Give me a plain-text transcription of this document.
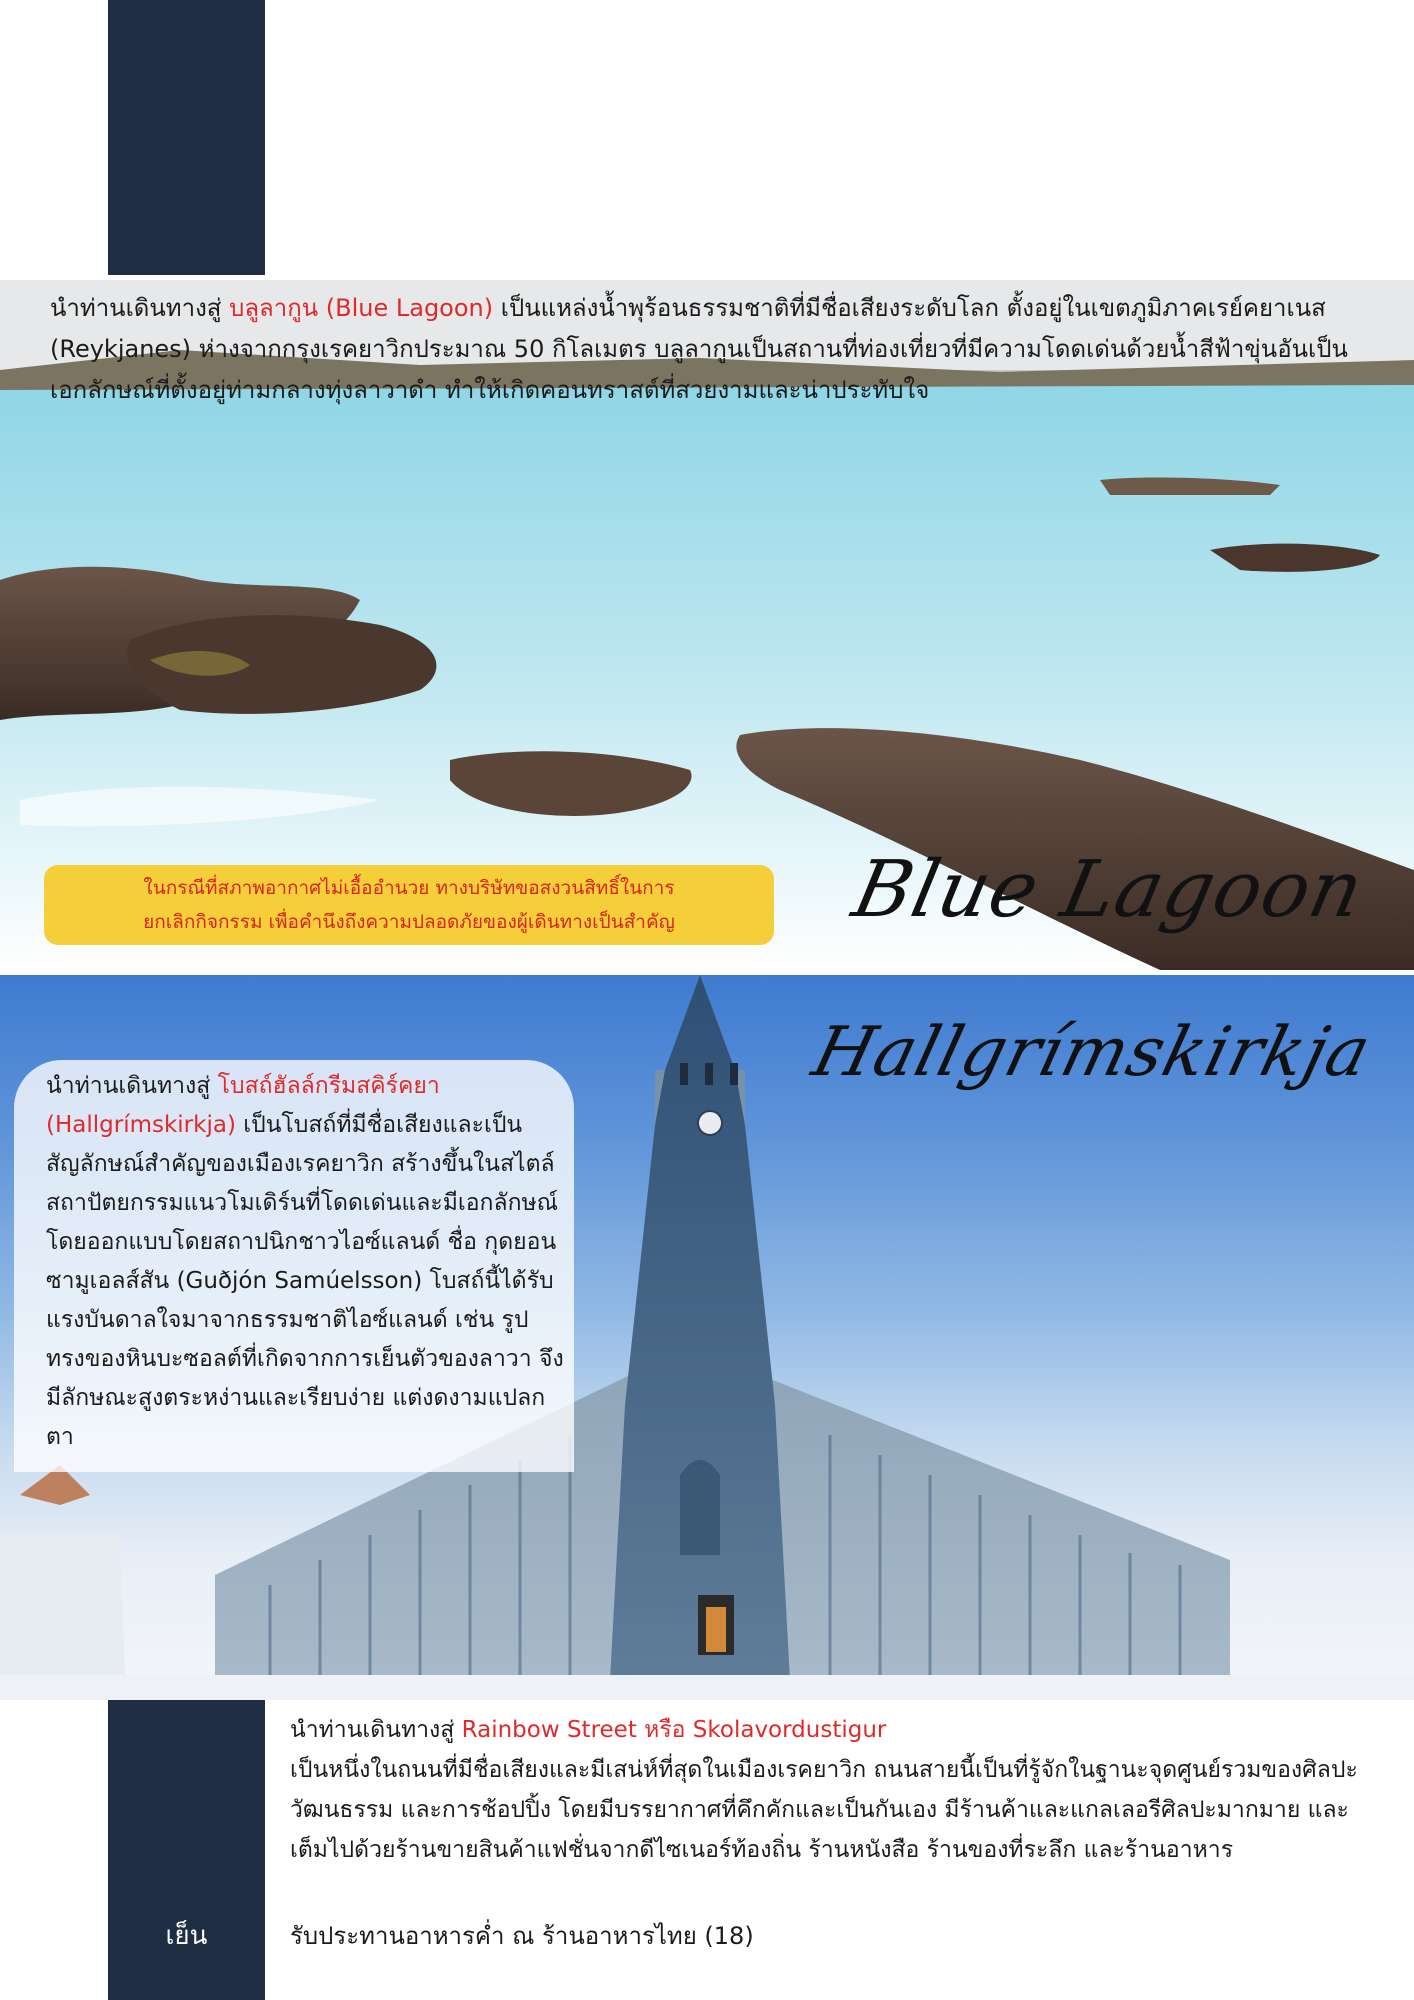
นำท่านเดินทางสู่ บลูลากูน (Blue Lagoon) เป็นแหล่งน้ำพุร้อนธรรมชาติที่มีชื่อเสียงระดับโลก ตั้งอยู่ในเขตภูมิภาคเรย์คยาเนส (Reykjanes) ห่างจากกรุงเรคยาวิกประมาณ 50 กิโลเมตร บลูลากูนเป็นสถานที่ท่องเที่ยวที่มีความโดดเด่นด้วยน้ำสีฟ้าขุ่นอันเป็นเอกลักษณ์ที่ตั้งอยู่ท่ามกลางทุ่งลาวาดำ ทำให้เกิดคอนทราสต์ที่สวยงามและน่าประทับใจ

ในกรณีที่สภาพอากาศไม่เอื้ออำนวย ทางบริษัทขอสงวนสิทธิ์ในการ
ยกเลิกกิจกรรม เพื่อคำนึงถึงความปลอดภัยของผู้เดินทางเป็นสำคัญ	Blue Lagoon
Hallgrímskirkja

นำท่านเดินทางสู่ โบสถ์ฮัลล์กรีมสคิร์คยา (Hallgrímskirkja) เป็นโบสถ์ที่มีชื่อเสียงและเป็นสัญลักษณ์สำคัญของเมืองเรคยาวิก สร้างขึ้นในสไตล์สถาปัตยกรรมแนวโมเดิร์นที่โดดเด่นและมีเอกลักษณ์ โดยออกแบบโดยสถาปนิกชาวไอซ์แลนด์ ชื่อ กุดยอน ซามูเอลส์สัน (Guðjón Samúelsson) โบสถ์นี้ได้รับแรงบันดาลใจมาจากธรรมชาติไอซ์แลนด์ เช่น รูปทรงของหินบะซอลต์ที่เกิดจากการเย็นตัวของลาวา จึงมีลักษณะสูงตระหง่านและเรียบง่าย แต่งดงามแปลกตา

เย็น
นำท่านเดินทางสู่ Rainbow Street หรือ Skolavordustigur
เป็นหนึ่งในถนนที่มีชื่อเสียงและมีเสน่ห์ที่สุดในเมืองเรคยาวิก ถนนสายนี้เป็นที่รู้จักในฐานะจุดศูนย์รวมของศิลปะ วัฒนธรรม และการช้อปปิ้ง โดยมีบรรยากาศที่คึกคักและเป็นกันเอง มีร้านค้าและแกลเลอรีศิลปะมากมาย และ เต็มไปด้วยร้านขายสินค้าแฟชั่นจากดีไซเนอร์ท้องถิ่น ร้านหนังสือ ร้านของที่ระลึก และร้านอาหาร

รับประทานอาหารค่ำ ณ ร้านอาหารไทย (18)
